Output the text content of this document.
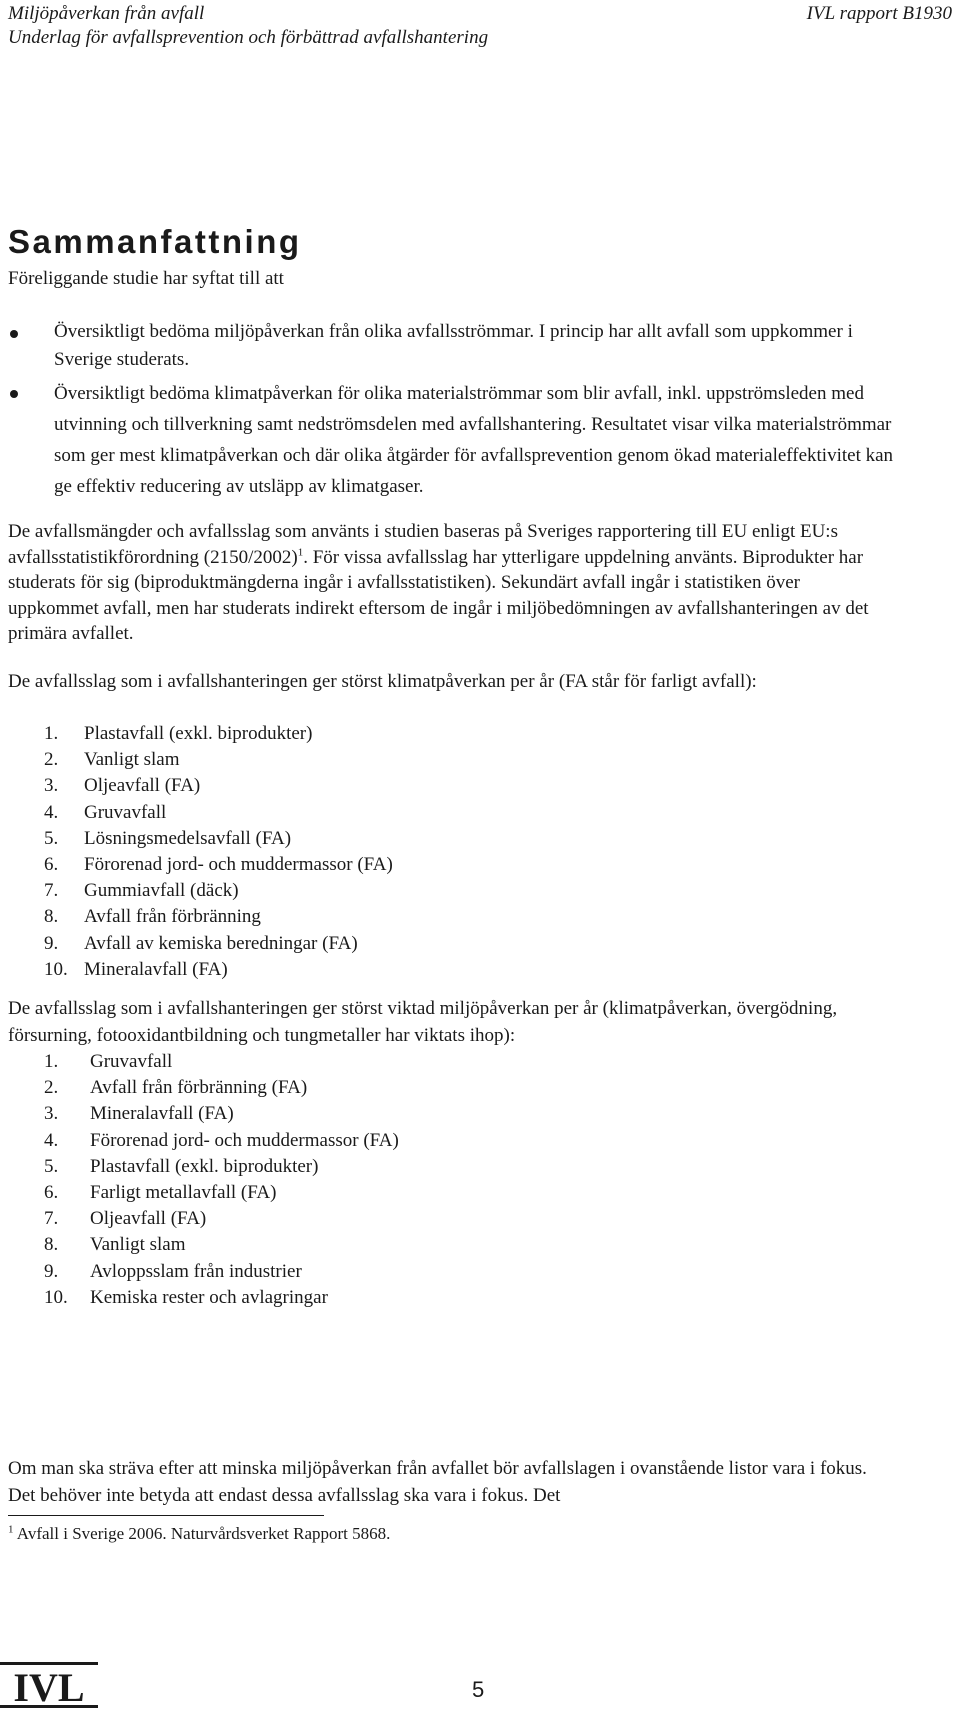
Miljöpåverkan från avfall
Underlag för avfallsprevention och förbättrad avfallshantering
IVL rapport B1930
Sammanfattning

Föreliggande studie har syftat till att

Översiktligt bedöma miljöpåverkan från olika avfallsströmmar. I princip har allt avfall som uppkommer i Sverige studerats.
Översiktligt bedöma klimatpåverkan för olika materialströmmar som blir avfall, inkl. uppströmsleden med utvinning och tillverkning samt nedströmsdelen med avfallshantering. Resultatet visar vilka materialströmmar som ger mest klimatpåverkan och där olika åtgärder för avfallsprevention genom ökad materialeffektivitet kan ge effektiv reducering av utsläpp av klimatgaser.

De avfallsmängder och avfallsslag som använts i studien baseras på Sveriges rapportering till EU enligt EU:s avfallsstatistikförordning $(2150/2002)^1$. För vissa avfallsslag har ytterligare uppdelning använts. Biprodukter har studerats för sig (biproduktmängderna ingår i avfallsstatistiken). Sekundärt avfall ingår i statistiken över uppkommet avfall, men har studerats indirekt eftersom de ingår i miljöbedömningen av avfallshanteringen av det primära avfallet.

De avfallsslag som i avfallshanteringen ger störst klimatpåverkan per år (FA står för farligt avfall):

1.	Plastavfall (exkl. biprodukter)
2.	Vanligt slam
3.	Oljeavfall (FA)
4.	Gruvavfall
5.	Lösningsmedelsavfall (FA)
6.	Förorenad jord- och muddermassor (FA)
7.	Gummiavfall (däck)
8.	Avfall från förbränning
9.	Avfall av kemiska beredningar (FA)
10. Mineralavfall (FA)

De avfallsslag som i avfallshanteringen ger störst viktad miljöpåverkan per år (klimatpåverkan, övergödning, försurning, fotooxidantbildning och tungmetaller har viktats ihop):

1.	Gruvavfall
2.	Avfall från förbränning (FA)
3.	Mineralavfall (FA)
4.	Förorenad jord- och muddermassor (FA)
5.	Plastavfall (exkl. biprodukter)
6.	Farligt metallavfall (FA)
7.	Oljeavfall (FA)
8.	Vanligt slam
9.	Avloppsslam från industrier
10.	Kemiska rester och avlagringar

Om man ska sträva efter att minska miljöpåverkan från avfallet bör avfallslagen i ovanstående listor vara i fokus. Det behöver inte betyda att endast dessa avfallsslag ska vara i fokus. Det

$^1$ Avfall i Sverige 2006. Naturvårdsverket Rapport 5868.
IVL	5
